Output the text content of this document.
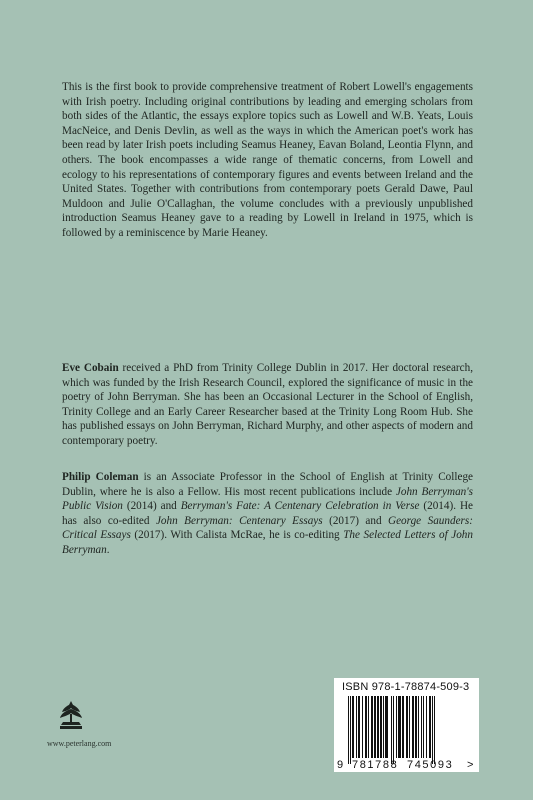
This is the first book to provide comprehensive treatment of Robert Lowell's engagements with Irish poetry. Including original contributions by leading and emerging scholars from both sides of the Atlantic, the essays explore topics such as Lowell and W.B. Yeats, Louis MacNeice, and Denis Devlin, as well as the ways in which the American poet's work has been read by later Irish poets including Seamus Heaney, Eavan Boland, Leontia Flynn, and others. The book encompasses a wide range of thematic concerns, from Lowell and ecology to his representations of contemporary figures and events between Ireland and the United States. Together with contributions from contemporary poets Gerald Dawe, Paul Muldoon and Julie O'Callaghan, the volume concludes with a previously unpublished introduction Seamus Heaney gave to a reading by Lowell in Ireland in 1975, which is followed by a reminiscence by Marie Heaney.

Eve Cobain received a PhD from Trinity College Dublin in 2017. Her doctoral research, which was funded by the Irish Research Council, explored the significance of music in the poetry of John Berryman. She has been an Occasional Lecturer in the School of English, Trinity College and an Early Career Researcher based at the Trinity Long Room Hub. She has published essays on John Berryman, Richard Murphy, and other aspects of modern and contemporary poetry.

Philip Coleman is an Associate Professor in the School of English at Trinity College Dublin, where he is also a Fellow. His most recent publications include John Berryman's Public Vision (2014) and Berryman's Fate: A Centenary Celebration in Verse (2014). He has also co-edited John Berryman: Centenary Essays (2017) and George Saunders: Critical Essays (2017). With Calista McRae, he is co-editing The Selected Letters of John Berryman.

ISBN 978-1-78874-509-3
9 781788 745093 >
www.peterlang.com
